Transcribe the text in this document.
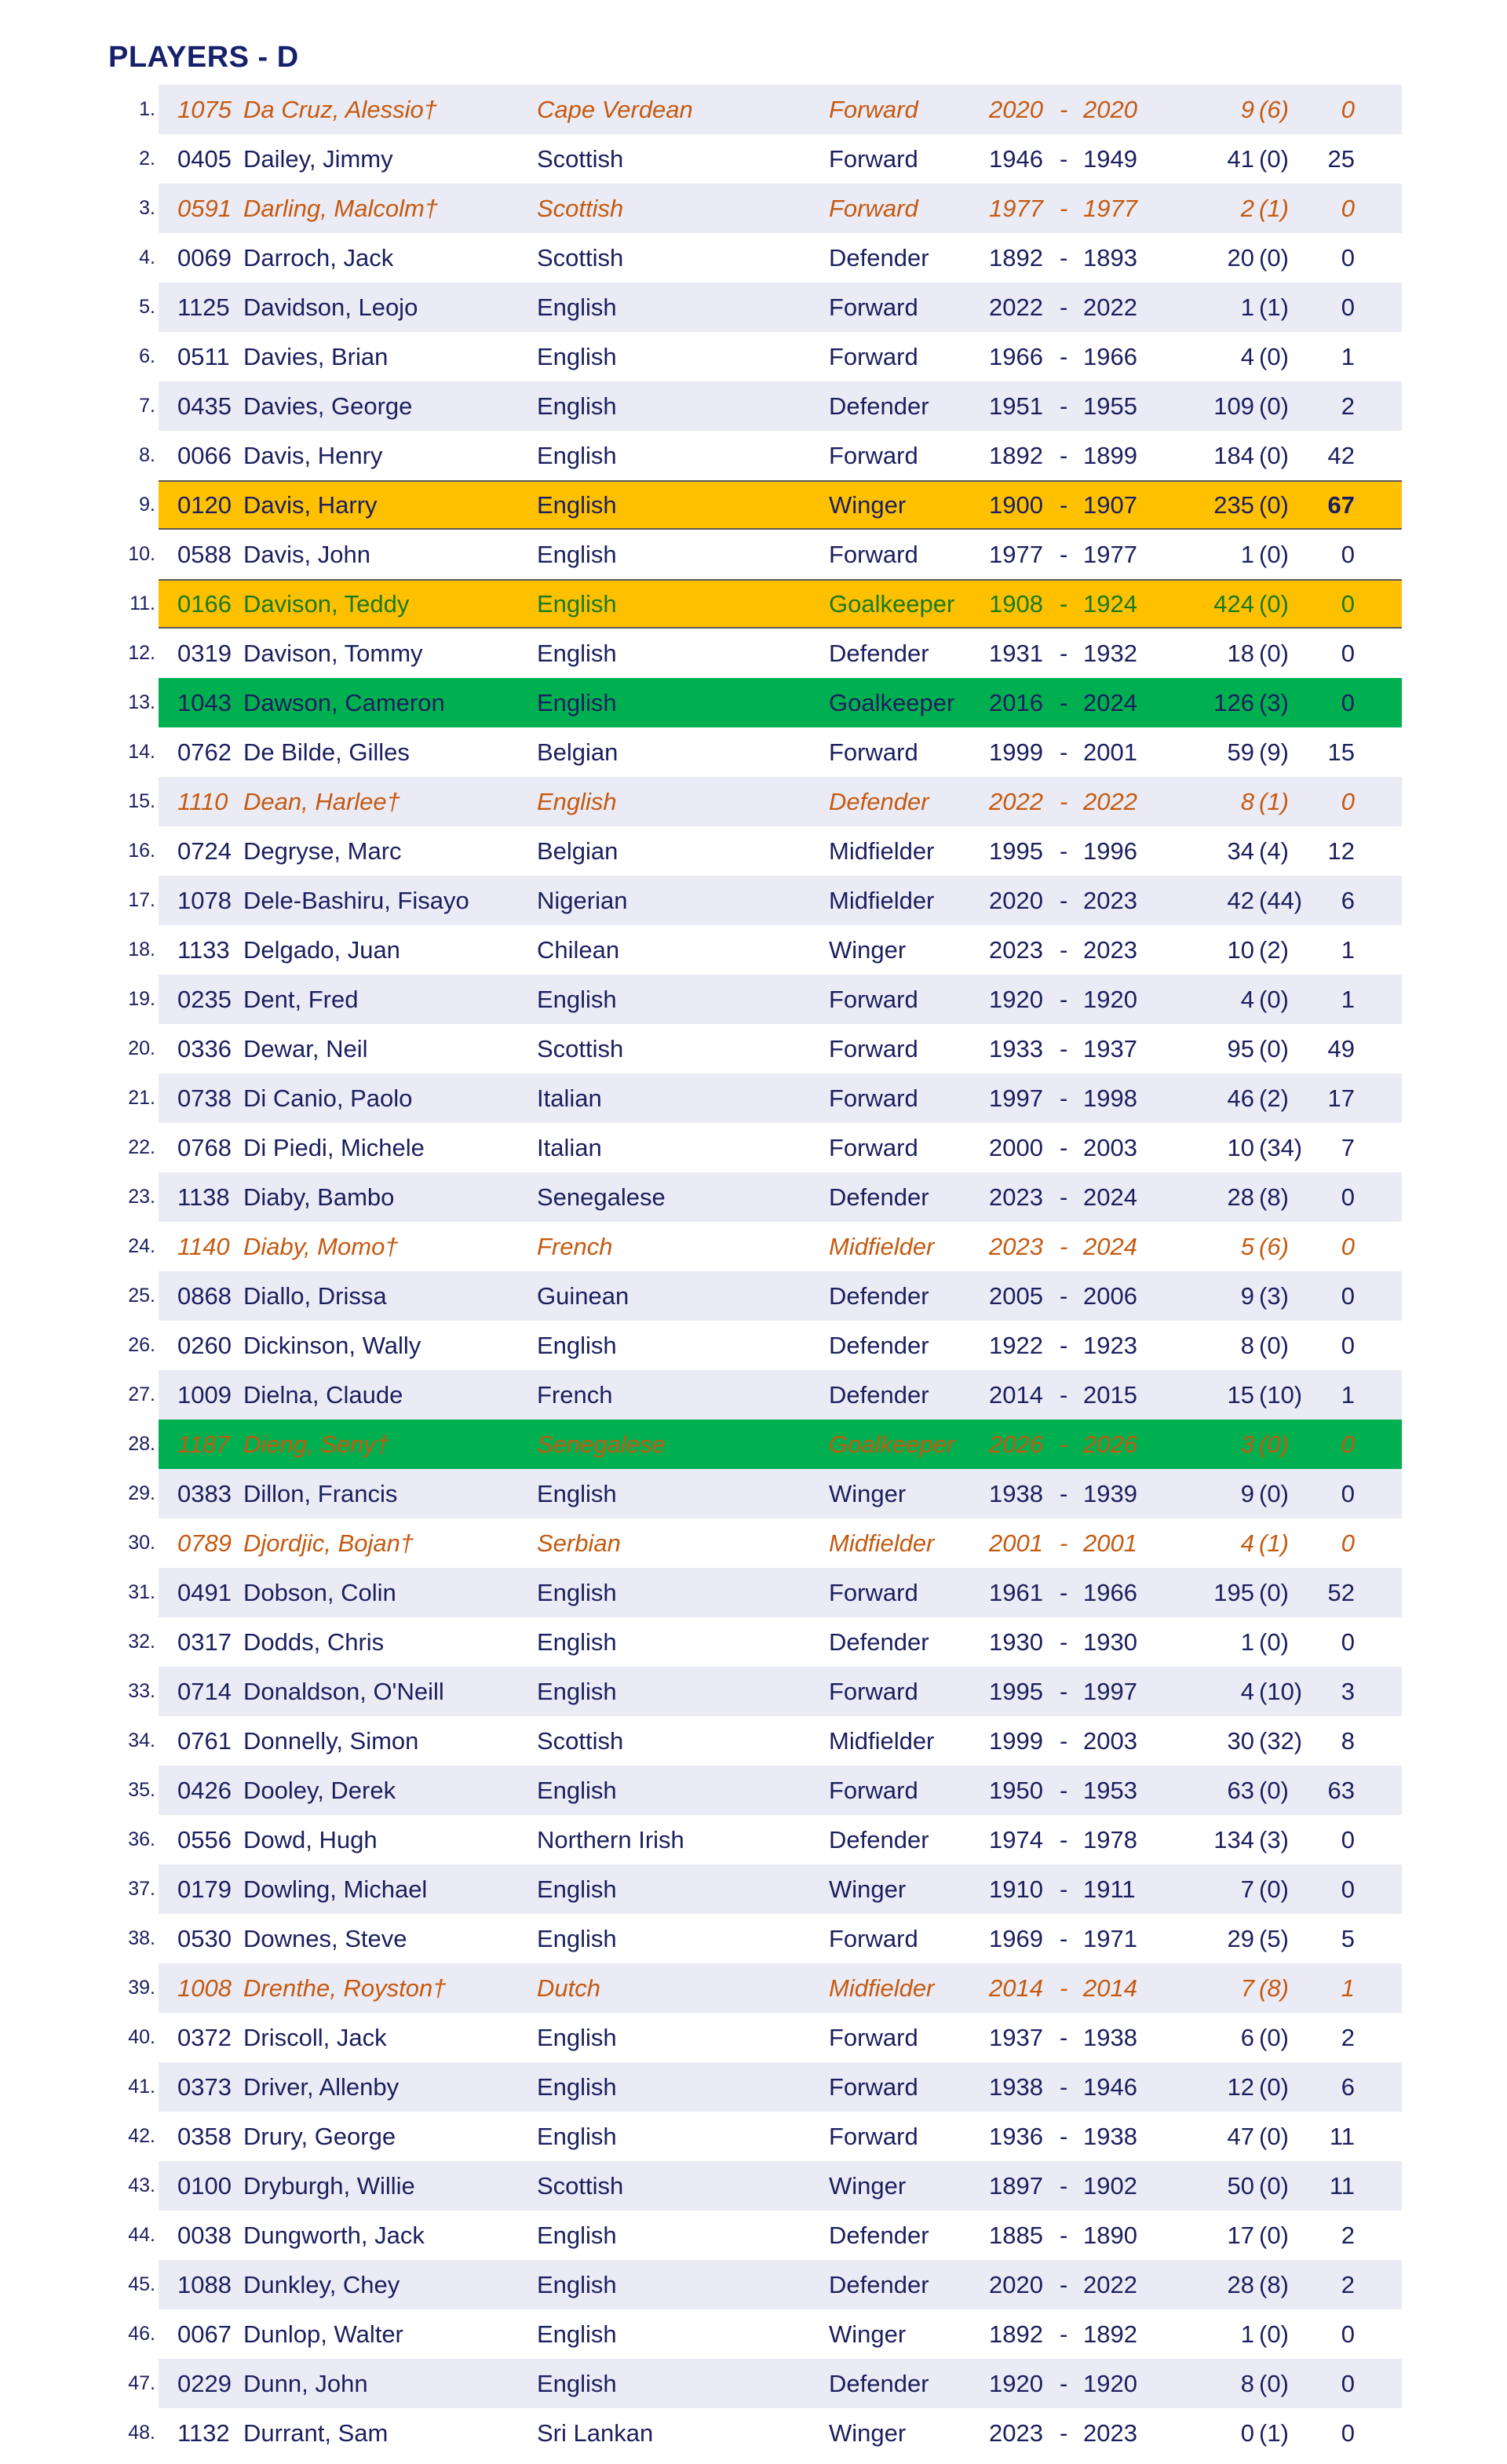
PLAYERS - D
1. 1075 Da Cruz, Alessio†	Cape Verdean	Forward	2020 2020	9 (6)	0
-
2. 0405 Dailey, Jimmy	Scottish	Forward	1946 1949	41 (0)	25
-
3. 0591 Darling, Malcolm†	Scottish	Forward	1977 1977	2 (1)	0
-
4. 0069 Darroch, Jack	Scottish	Defender 1892 1893	20 (0)	0
-
5. 1125 Davidson, Leojo	English	Forward	2022 2022	1 (1)	0
-
6. 0511 Davies, Brian	English	Forward	1966 1966	4 (0)	1
-
7. 0435 Davies, George	English	Defender 1951 1955	109 (0)	2
-
8. 0066 Davis, Henry	English	Forward	1892 1899	184 (0)	42
-
9. 0120 Davis, Harry	English	Winger	1900 1907	235 (0)	67
-
10. 0588 Davis, John	English	Forward	1977 1977	1 (0)	0
-
11. 0166 Davison, Teddy	English	Goalkeeper 1908 1924	424 (0)	0
-
12. 0319 Davison, Tommy	English	Defender 1931 1932	18 (0)	0
-
13. 1043 Dawson, Cameron	English	Goalkeeper 2016 2024	126 (3)	0
-
14. 0762 De Bilde, Gilles	Belgian	Forward	1999 2001	59 (9)	15
-
15. 1110 Dean, Harlee†	English	Defender 2022 2022	8 (1)	0
-
16. 0724 Degryse, Marc	Belgian	Midfielder 1995 1996	34 (4)	12
-
17. 1078 Dele-Bashiru, Fisayo	Nigerian	Midfielder 2020 2023	42 (44)	6
-
18. 1133 Delgado, Juan	Chilean	Winger	2023 2023	10 (2)	1
-
19. 0235 Dent, Fred	English	Forward	1920 1920	4 (0)	1
-
20. 0336 Dewar, Neil	Scottish	Forward	1933 1937	95 (0)	49
-
21. 0738 Di Canio, Paolo	Italian	Forward	1997 1998	46 (2)	17
-
22. 0768 Di Piedi, Michele	Italian	Forward	2000 2003	10 (34)	7
-
23. 1138 Diaby, Bambo	Senegalese	Defender 2023 2024	28 (8)	0
-
24. 1140 Diaby, Momo†	French	Midfielder 2023 2024	5 (6)	0
-
25. 0868 Diallo, Drissa	Guinean	Defender 2005 2006	9 (3)	0
-
26. 0260 Dickinson, Wally	English	Defender 1922 1923	8 (0)	0
-
27. 1009 Dielna, Claude	French	Defender 2014 2015	15 (10)	1
-
28. 1187 Dieng, Seny†	Senegalese	Goalkeeper 2026 2026	3 (0)	0
-
29. 0383 Dillon, Francis	English	Winger	1938 1939	9 (0)	0
-
30. 0789 Djordjic, Bojan†	Serbian	Midfielder 2001 2001	4 (1)	0
-
31. 0491 Dobson, Colin	English	Forward	1961 1966	195 (0)	52
-
32. 0317 Dodds, Chris	English	Defender 1930 1930	1 (0)	0
-
33. 0714 Donaldson, O'Neill	English	Forward	1995 1997	4 (10)	3
-
34. 0761 Donnelly, Simon	Scottish	Midfielder 1999 2003	30 (32)	8
-
35. 0426 Dooley, Derek	English	Forward	1950 1953	63 (0)	63
-
36. 0556 Dowd, Hugh	Northern Irish	Defender 1974 1978	134 (3)	0
-
37. 0179 Dowling, Michael	English	Winger	1910 1911	7 (0)	0
-
38. 0530 Downes, Steve	English	Forward	1969 1971	29 (5)	5
-
39. 1008 Drenthe, Royston†	Dutch	Midfielder 2014 2014	7 (8)	1
-
40. 0372 Driscoll, Jack	English	Forward	1937 1938	6 (0)	2
-
41. 0373 Driver, Allenby	English	Forward	1938 1946	12 (0)	6
-
42. 0358 Drury, George	English	Forward	1936 1938	47 (0)	11
-
43. 0100 Dryburgh, Willie	Scottish	Winger	1897 1902	50 (0)	11
-
44. 0038 Dungworth, Jack	English	Defender 1885 1890	17 (0)	2
-
45. 1088 Dunkley, Chey	English	Defender 2020 2022	28 (8)	2
-
46. 0067 Dunlop, Walter	English	Winger	1892 1892	1 (0)	0
-
47. 0229 Dunn, John	English	Defender 1920 1920	8 (0)	0
-
48. 1132 Durrant, Sam	Sri Lankan	Winger	2023 2023	0 (1)	0
-
